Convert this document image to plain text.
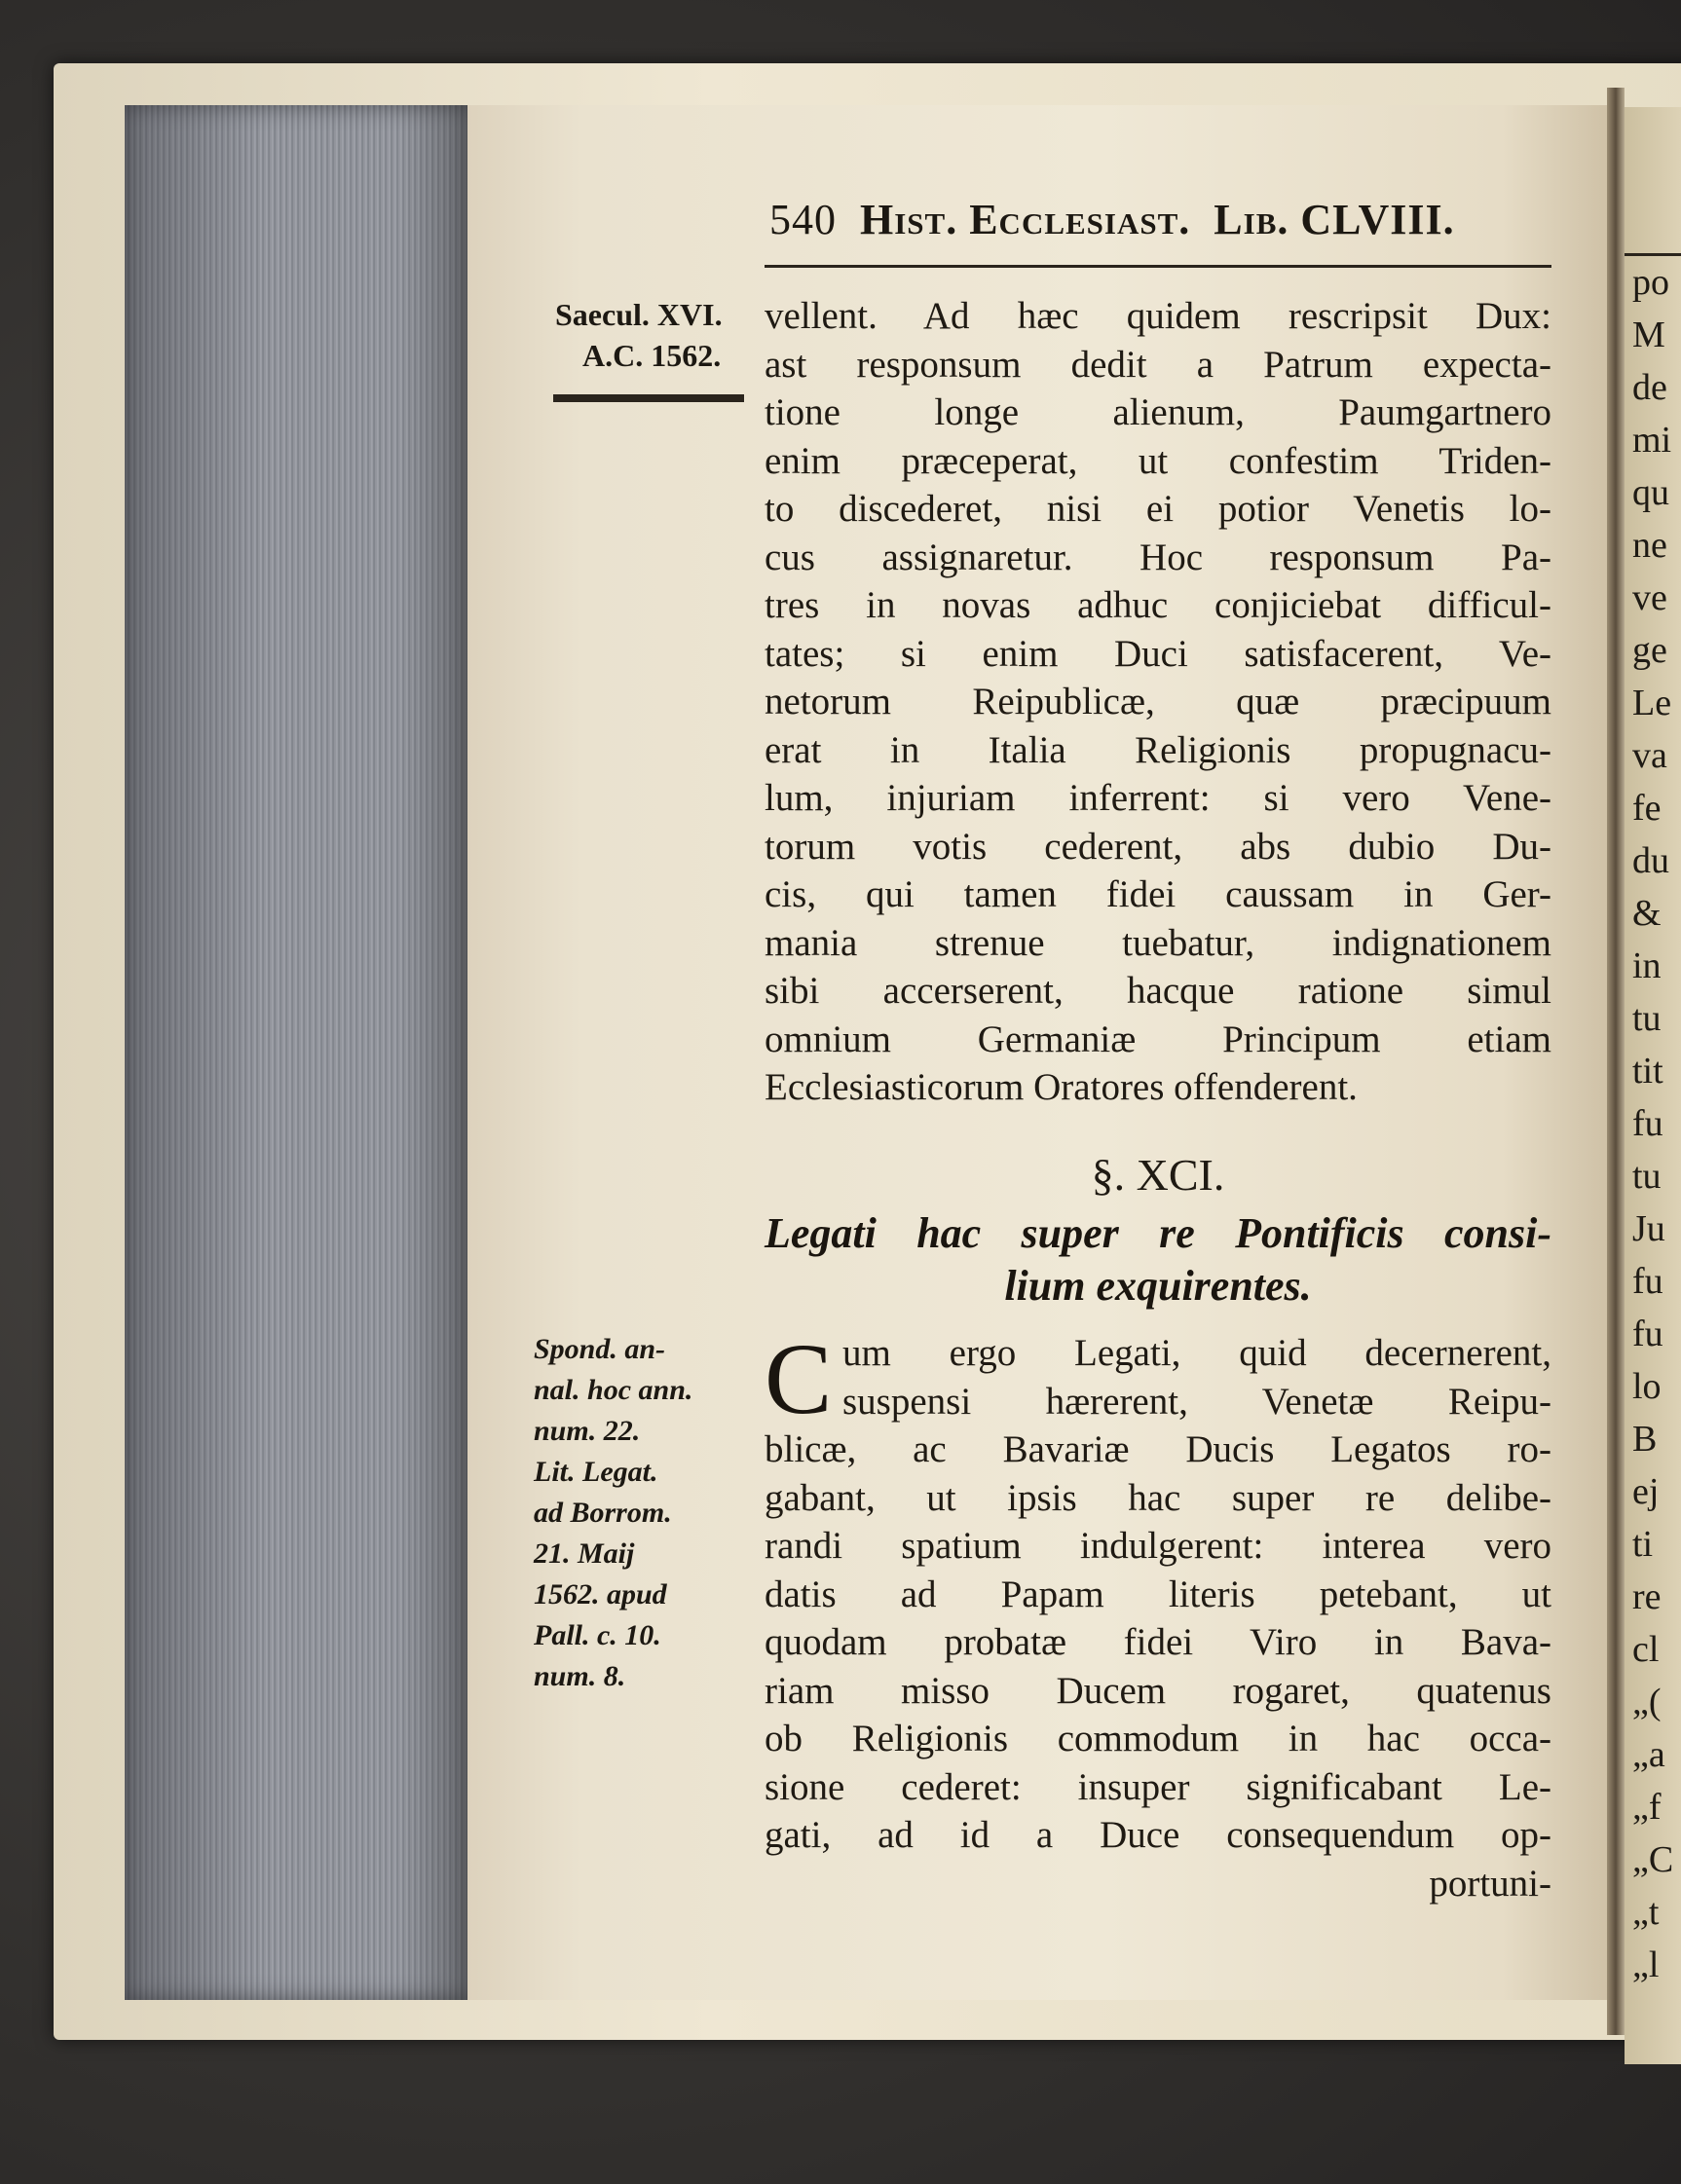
540 Hist. Ecclesiast. Lib. CLVIII.
Saecul. XVI.
A.C. 1562.
vellent. Ad hæc quidem rescripsit Dux:
ast responsum dedit a Patrum expecta-
tione longe alienum, Paumgartnero
enim præceperat, ut confestim Triden-
to discederet, nisi ei potior Venetis lo-
cus assignaretur. Hoc responsum Pa-
tres in novas adhuc conjiciebat difficul-
tates; si enim Duci satisfacerent, Ve-
netorum Reipublicæ, quæ præcipuum
erat in Italia Religionis propugnacu-
lum, injuriam inferrent: si vero Vene-
torum votis cederent, abs dubio Du-
cis, qui tamen fidei caussam in Ger-
mania strenue tuebatur, indignationem
sibi accerserent, hacque ratione simul
omnium Germaniæ Principum etiam
Ecclesiasticorum Oratores offenderent.
§. XCI.
Legati hac super re Pontificis consi-
lium exquirentes.
C um ergo Legati, quid decernerent,
suspensi hærerent, Venetæ Reipu-
blicæ, ac Bavariæ Ducis Legatos ro-
gabant, ut ipsis hac super re delibe-
randi spatium indulgerent: interea vero
datis ad Papam literis petebant, ut
quodam probatæ fidei Viro in Bava-
riam misso Ducem rogaret, quatenus
ob Religionis commodum in hac occa-
sione cederet: insuper significabant Le-
gati, ad id a Duce consequendum op-
portuni-
Spond. an-
nal. hoc ann.
num. 22.
Lit. Legat.
ad Borrom.
21. Maij
1562. apud
Pall. c. 10.
num. 8.
po
M
de
mi
qu
ne
ve
ge
Le
va
fe
du
&
in
tu
tit
fu
tu
Ju
fu
fu
lo
B
ej
ti
re
cl
„(
„a
„f
„C
„t
„l
